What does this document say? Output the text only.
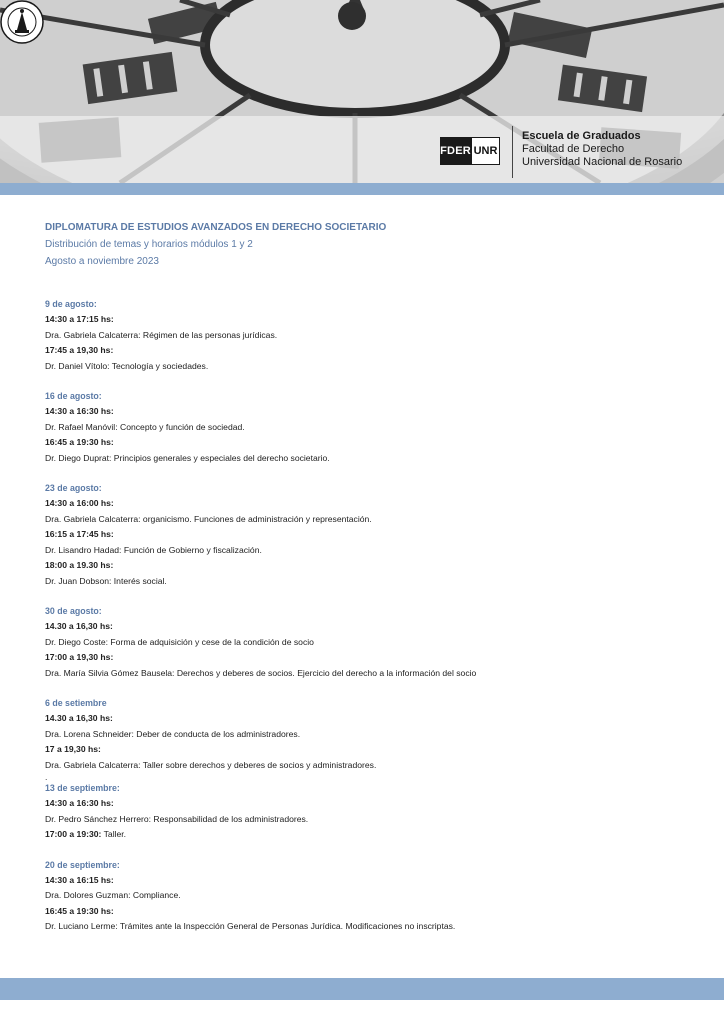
FDER UNR
Escuela de Graduados
Facultad de Derecho
Universidad Nacional de Rosario
DIPLOMATURA DE ESTUDIOS AVANZADOS EN DERECHO SOCIETARIO
Distribución de temas y horarios módulos 1 y 2
Agosto a noviembre 2023
9 de agosto:
14:30 a 17:15 hs:
Dra. Gabriela Calcaterra: Régimen de las personas jurídicas.
17:45 a 19,30 hs:
Dr. Daniel Vítolo: Tecnología y sociedades.
16 de agosto:
14:30 a 16:30 hs:
Dr. Rafael Manóvil: Concepto y función de sociedad.
16:45 a 19:30 hs:
Dr. Diego Duprat: Principios generales y especiales del derecho societario.
23 de agosto:
14:30 a 16:00 hs:
Dra. Gabriela Calcaterra: organicismo. Funciones de administración y representación.
16:15 a 17:45 hs:
Dr. Lisandro Hadad: Función de Gobierno y fiscalización.
18:00 a 19.30 hs:
Dr. Juan Dobson: Interés social.
30 de agosto:
14.30 a 16,30 hs:
Dr. Diego Coste: Forma de adquisición y cese de la condición de socio
17:00 a 19,30 hs:
Dra. María Silvia Gómez Bausela: Derechos y deberes de socios. Ejercicio del derecho a la información del socio
6 de setiembre
14.30 a 16,30 hs:
Dra. Lorena Schneider: Deber de conducta de los administradores.
17 a 19,30 hs:
Dra. Gabriela Calcaterra: Taller sobre derechos y deberes de socios y administradores.
.
13 de septiembre:
14:30 a 16:30 hs:
Dr. Pedro Sánchez Herrero: Responsabilidad de los administradores.
17:00 a 19:30: Taller.
20 de septiembre:
14:30 a 16:15 hs:
Dra. Dolores Guzman: Compliance.
16:45 a 19:30 hs:
Dr. Luciano Lerme: Trámites ante la Inspección General de Personas Jurídica. Modificaciones no inscriptas.
